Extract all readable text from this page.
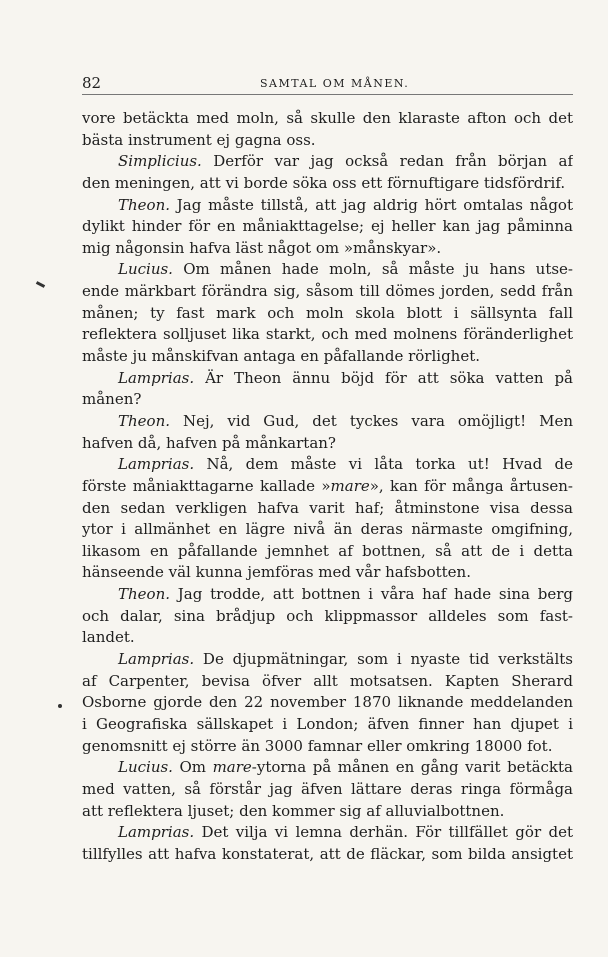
82	SAMTAL OM MÅNEN.
vore betäckta med moln, så skulle den klaraste afton och det
bästa instrument ej gagna oss.
Simplicius. Derför var jag också redan från början af
den meningen, att vi borde söka oss ett förnuftigare tidsfördrif.
Theon. Jag måste tillstå, att jag aldrig hört omtalas något
dylikt hinder för en måniakttagelse; ej heller kan jag påminna
mig någonsin hafva läst något om »månskyar».
Lucius. Om månen hade moln, så måste ju hans utse-
ende märkbart förändra sig, såsom till dömes jorden, sedd från
månen; ty fast mark och moln skola blott i sällsynta fall
reflektera solljuset lika starkt, och med molnens föränderlighet
måste ju månskifvan antaga en påfallande rörlighet.
Lamprias. Är Theon ännu böjd för att söka vatten på
månen?
Theon. Nej, vid Gud, det tyckes vara omöjligt! Men
hafven då, hafven på månkartan?
Lamprias. Nå, dem måste vi låta torka ut! Hvad de
förste måniakttagarne kallade »mare», kan för många årtusen-
den sedan verkligen hafva varit haf; åtminstone visa dessa
ytor i allmänhet en lägre nivå än deras närmaste omgifning,
likasom en påfallande jemnhet af bottnen, så att de i detta
hänseende väl kunna jemföras med vår hafsbotten.
Theon. Jag trodde, att bottnen i våra haf hade sina berg
och dalar, sina brådjup och klippmassor alldeles som fast-
landet.
Lamprias. De djupmätningar, som i nyaste tid verkstälts
af Carpenter, bevisa öfver allt motsatsen. Kapten Sherard
Osborne gjorde den 22 november 1870 liknande meddelanden
i Geografiska sällskapet i London; äfven finner han djupet i
genomsnitt ej större än 3000 famnar eller omkring 18000 fot.
Lucius. Om mare-ytorna på månen en gång varit betäckta
med vatten, så förstår jag äfven lättare deras ringa förmåga
att reflektera ljuset; den kommer sig af alluvialbottnen.
Lamprias. Det vilja vi lemna derhän. För tillfället gör det
tillfylles att hafva konstaterat, att de fläckar, som bilda ansigtet
